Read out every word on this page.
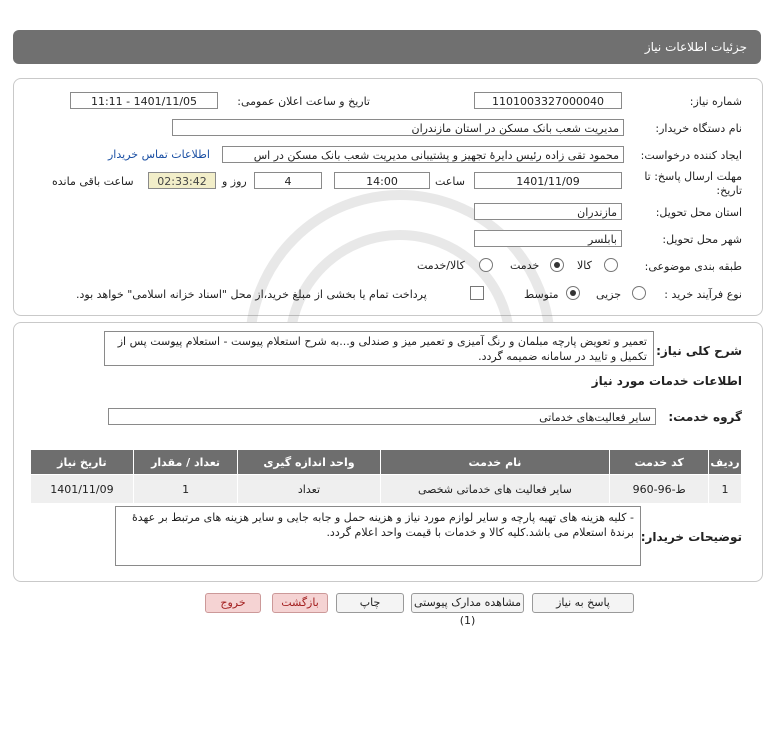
جزئیات اطلاعات نیاز
شماره نیاز:
1101003327000040
تاریخ و ساعت اعلان عمومی:
1401/11/05 - 11:11
نام دستگاه خریدار:
مدیریت شعب بانک مسکن در استان مازندران
ایجاد کننده درخواست:
محمود تقی زاده رئیس دایرۀ تجهیز و پشتیبانی مدیریت شعب بانک مسکن در اس
اطلاعات تماس خریدار
مهلت ارسال پاسخ: تا
تاریخ:
1401/11/09
ساعت
14:00
4
روز و
02:33:42
ساعت باقی مانده
استان محل تحویل:
مازندران
شهر محل تحویل:
بابلسر
طبقه بندی موضوعی:
کالا
خدمت
کالا/خدمت
نوع فرآیند خرید :
جزیی
متوسط
پرداخت تمام یا بخشی از مبلغ خرید،از محل "اسناد خزانه اسلامی" خواهد بود.
شرح کلی نیاز:
تعمیر و تعویض پارچه مبلمان و رنگ آمیزی و تعمیر میز و صندلی و...به شرح استعلام پیوست - استعلام پیوست پس از تکمیل و تایید در سامانه ضمیمه گردد.
اطلاعات خدمات مورد نیاز
گروه خدمت:
سایر فعالیت‌های خدماتی
ردیف	کد خدمت	نام خدمت	واحد اندازه گیری	تعداد / مقدار	تاریخ نیاز
1	ط-96-960	سایر فعالیت های خدماتی شخصی	تعداد	1	1401/11/09
توضیحات خریدار:
- کلیه هزینه های تهیه پارچه و سایر لوازم مورد نیاز و هزینه حمل و جابه جایی و سایر هزینه های مرتبط بر عهدۀ برندۀ استعلام می باشد.کلیه کالا و خدمات با قیمت واحد اعلام گردد.
پاسخ به نیاز
مشاهده مدارک پیوستی (1)
چاپ
بازگشت
خروج
